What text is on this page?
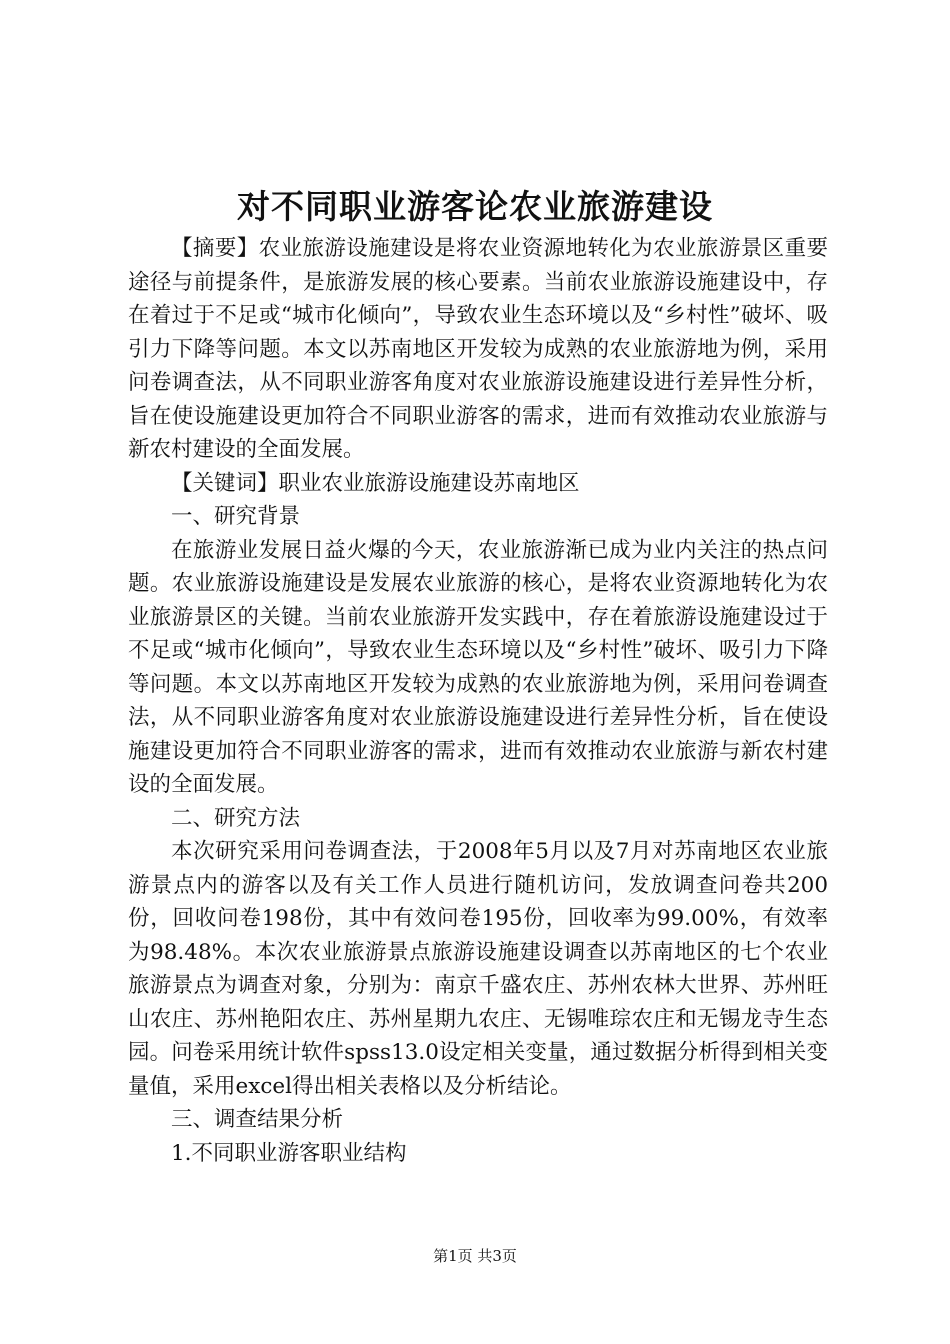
对不同职业游客论农业旅游建设

【摘要】农业旅游设施建设是将农业资源地转化为农业旅游景区重要途径与前提条件，是旅游发展的核心要素。当前农业旅游设施建设中，存在着过于不足或“城市化倾向”，导致农业生态环境以及“乡村性”破坏、吸引力下降等问题。本文以苏南地区开发较为成熟的农业旅游地为例，采用问卷调查法，从不同职业游客角度对农业旅游设施建设进行差异性分析，旨在使设施建设更加符合不同职业游客的需求，进而有效推动农业旅游与新农村建设的全面发展。

【关键词】职业农业旅游设施建设苏南地区

一、研究背景

在旅游业发展日益火爆的今天，农业旅游渐已成为业内关注的热点问题。农业旅游设施建设是发展农业旅游的核心，是将农业资源地转化为农业旅游景区的关键。当前农业旅游开发实践中，存在着旅游设施建设过于不足或“城市化倾向”，导致农业生态环境以及“乡村性”破坏、吸引力下降等问题。本文以苏南地区开发较为成熟的农业旅游地为例，采用问卷调查法，从不同职业游客角度对农业旅游设施建设进行差异性分析，旨在使设施建设更加符合不同职业游客的需求，进而有效推动农业旅游与新农村建设的全面发展。

二、研究方法

本次研究采用问卷调查法，于2008年5月以及7月对苏南地区农业旅游景点内的游客以及有关工作人员进行随机访问，发放调查问卷共200份，回收问卷198份，其中有效问卷195份，回收率为99.00%，有效率为98.48%。本次农业旅游景点旅游设施建设调查以苏南地区的七个农业旅游景点为调查对象，分别为：南京千盛农庄、苏州农林大世界、苏州旺山农庄、苏州艳阳农庄、苏州星期九农庄、无锡唯琮农庄和无锡龙寺生态园。问卷采用统计软件spss13.0设定相关变量，通过数据分析得到相关变量值，采用excel得出相关表格以及分析结论。

三、调查结果分析

1.不同职业游客职业结构

第1页 共3页
